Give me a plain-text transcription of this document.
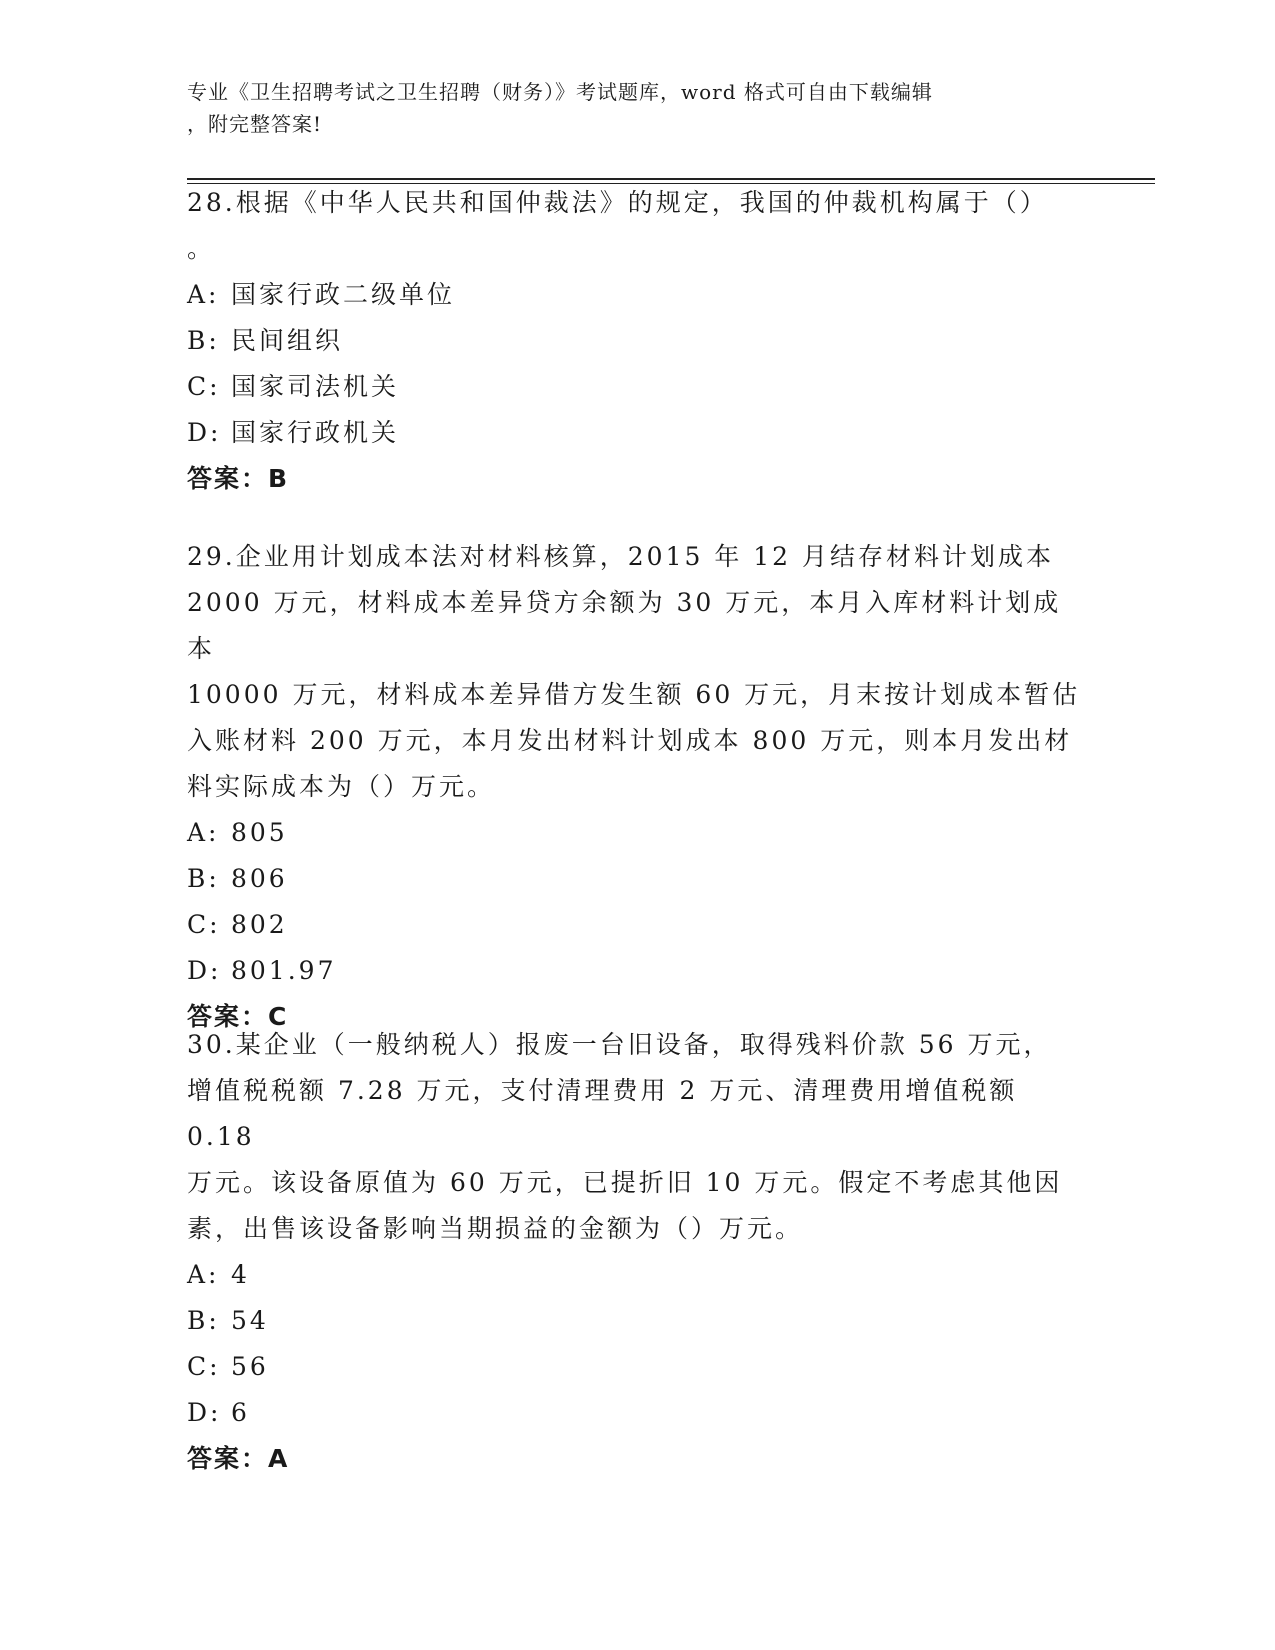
专业《卫生招聘考试之卫生招聘（财务）》考试题库，word 格式可自由下载编辑
，附完整答案!

28.根据《中华人民共和国仲裁法》的规定，我国的仲裁机构属于（）

。

A: 国家行政二级单位

B: 民间组织

C: 国家司法机关

D: 国家行政机关

答案：B

29.企业用计划成本法对材料核算，2015 年 12 月结存材料计划成本

2000 万元，材料成本差异贷方余额为 30 万元，本月入库材料计划成本

10000 万元，材料成本差异借方发生额 60 万元，月末按计划成本暂估

入账材料 200 万元，本月发出材料计划成本 800 万元，则本月发出材

料实际成本为（）万元。

A: 805

B: 806

C: 802

D: 801.97

答案：C

30.某企业（一般纳税人）报废一台旧设备，取得残料价款 56 万元，

增值税税额 7.28 万元，支付清理费用 2 万元、清理费用增值税额 0.18

万元。该设备原值为 60 万元，已提折旧 10 万元。假定不考虑其他因

素，出售该设备影响当期损益的金额为（）万元。

A: 4

B: 54

C: 56

D: 6

答案：A
